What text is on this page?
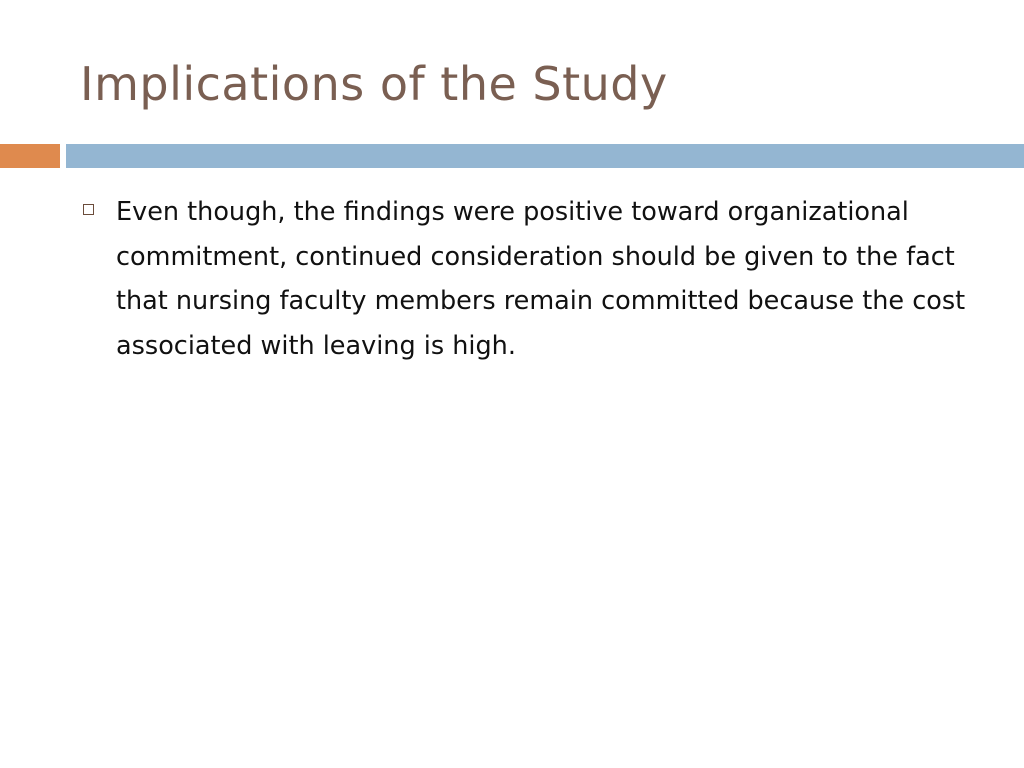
Implications of the Study

Even though, the findings were positive toward organizational commitment, continued consideration should be given to the fact that nursing faculty members remain committed because the cost associated with leaving is high.
